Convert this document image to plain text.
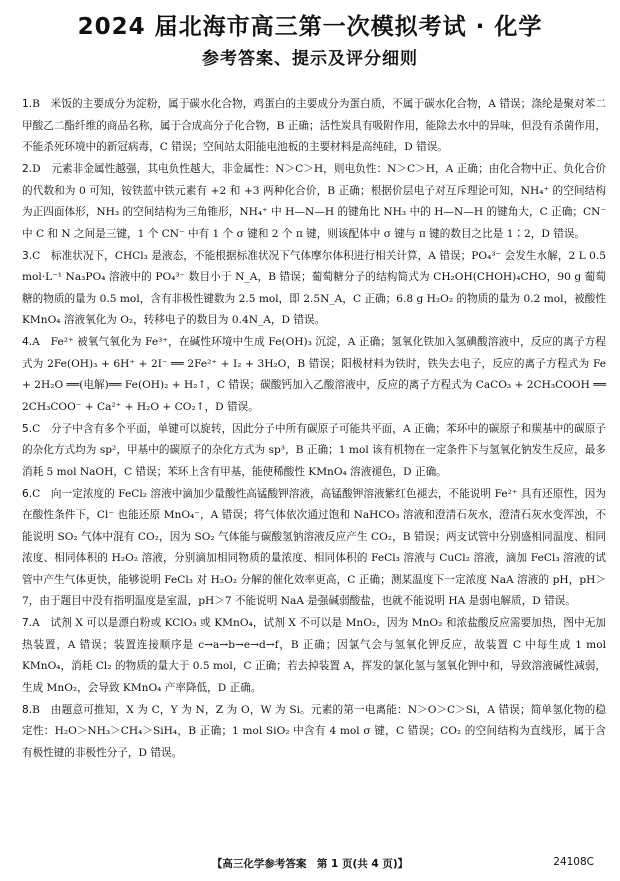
2024 届北海市高三第一次模拟考试 · 化学
参考答案、提示及评分细则
1.B　米饭的主要成分为淀粉，属于碳水化合物，鸡蛋白的主要成分为蛋白质，不属于碳水化合物，A 错误；涤纶是聚对苯二甲酸乙二酯纤维的商品名称，属于合成高分子化合物，B 正确；活性炭具有吸附作用，能除去水中的异味，但没有杀菌作用，不能杀死环境中的新冠病毒，C 错误；空间站太阳能电池板的主要材料是高纯硅，D 错误。
2.D　元素非金属性越强，其电负性越大，非金属性：N＞C＞H，则电负性：N＞C＞H，A 正确；由化合物中正、负化合价的代数和为 0 可知，铵铁蓝中铁元素有 +2 和 +3 两种化合价，B 正确；根据价层电子对互斥理论可知，NH₄⁺ 的空间结构为正四面体形，NH₃ 的空间结构为三角锥形，NH₄⁺ 中 H—N—H 的键角比 NH₃ 中的 H—N—H 的键角大，C 正确；CN⁻ 中 C 和 N 之间是三键，1 个 CN⁻ 中有 1 个 σ 键和 2 个 π 键，则该配体中 σ 键与 π 键的数目之比是 1∶2，D 错误。
3.C　标准状况下，CHCl₃ 是液态，不能根据标准状况下气体摩尔体积进行相关计算，A 错误；PO₄³⁻ 会发生水解，2 L 0.5 mol·L⁻¹ Na₃PO₄ 溶液中的 PO₄³⁻ 数目小于 N_A，B 错误；葡萄糖分子的结构简式为 CH₂OH(CHOH)₄CHO，90 g 葡萄糖的物质的量为 0.5 mol，含有非极性键数为 2.5 mol，即 2.5N_A，C 正确；6.8 g H₂O₂ 的物质的量为 0.2 mol，被酸性 KMnO₄ 溶液氧化为 O₂，转移电子的数目为 0.4N_A，D 错误。
4.A　Fe²⁺ 被氧气氧化为 Fe³⁺，在碱性环境中生成 Fe(OH)₃ 沉淀，A 正确；氢氧化铁加入氢碘酸溶液中，反应的离子方程式为 2Fe(OH)₃ + 6H⁺ + 2I⁻ ══ 2Fe²⁺ + I₂ + 3H₂O，B 错误；阳极材料为铁时，铁失去电子，反应的离子方程式为 Fe + 2H₂O ══(电解)══ Fe(OH)₂ + H₂↑，C 错误；碳酸钙加入乙酸溶液中，反应的离子方程式为 CaCO₃ + 2CH₃COOH ══ 2CH₃COO⁻ + Ca²⁺ + H₂O + CO₂↑，D 错误。
5.C　分子中含有多个平面，单键可以旋转，因此分子中所有碳原子可能共平面，A 正确；苯环中的碳原子和羰基中的碳原子的杂化方式均为 sp²，甲基中的碳原子的杂化方式为 sp³，B 正确；1 mol 该有机物在一定条件下与氢氧化钠发生反应，最多消耗 5 mol NaOH，C 错误；苯环上含有甲基，能使稀酸性 KMnO₄ 溶液褪色，D 正确。
6.C　向一定浓度的 FeCl₂ 溶液中滴加少量酸性高锰酸钾溶液，高锰酸钾溶液紫红色褪去，不能说明 Fe²⁺ 具有还原性，因为在酸性条件下，Cl⁻ 也能还原 MnO₄⁻，A 错误；将气体依次通过饱和 NaHCO₃ 溶液和澄清石灰水，澄清石灰水变浑浊，不能说明 SO₂ 气体中混有 CO₂，因为 SO₂ 气体能与碳酸氢钠溶液反应产生 CO₂，B 错误；两支试管中分别盛相同温度、相同浓度、相同体积的 H₂O₂ 溶液，分别滴加相同物质的量浓度、相同体积的 FeCl₃ 溶液与 CuCl₂ 溶液，滴加 FeCl₃ 溶液的试管中产生气体更快，能够说明 FeCl₃ 对 H₂O₂ 分解的催化效率更高，C 正确；测某温度下一定浓度 NaA 溶液的 pH，pH＞7，由于题目中没有指明温度是室温，pH＞7 不能说明 NaA 是强碱弱酸盐，也就不能说明 HA 是弱电解质，D 错误。
7.A　试剂 X 可以是漂白粉或 KClO₃ 或 KMnO₄，试剂 X 不可以是 MnO₂，因为 MnO₂ 和浓盐酸反应需要加热，图中无加热装置，A 错误；装置连接顺序是 c→a→b→e→d→f，B 正确；因氯气会与氢氧化钾反应，故装置 C 中每生成 1 mol KMnO₄，消耗 Cl₂ 的物质的量大于 0.5 mol，C 正确；若去掉装置 A，挥发的氯化氢与氢氧化钾中和，导致溶液碱性减弱，生成 MnO₂，会导致 KMnO₄ 产率降低，D 正确。
8.B　由题意可推知，X 为 C，Y 为 N，Z 为 O，W 为 Si。元素的第一电离能：N＞O＞C＞Si，A 错误；简单氢化物的稳定性：H₂O＞NH₃＞CH₄＞SiH₄，B 正确；1 mol SiO₂ 中含有 4 mol σ 键，C 错误；CO₂ 的空间结构为直线形，属于含有极性键的非极性分子，D 错误。
【高三化学参考答案　第 1 页(共 4 页)】	24108C
